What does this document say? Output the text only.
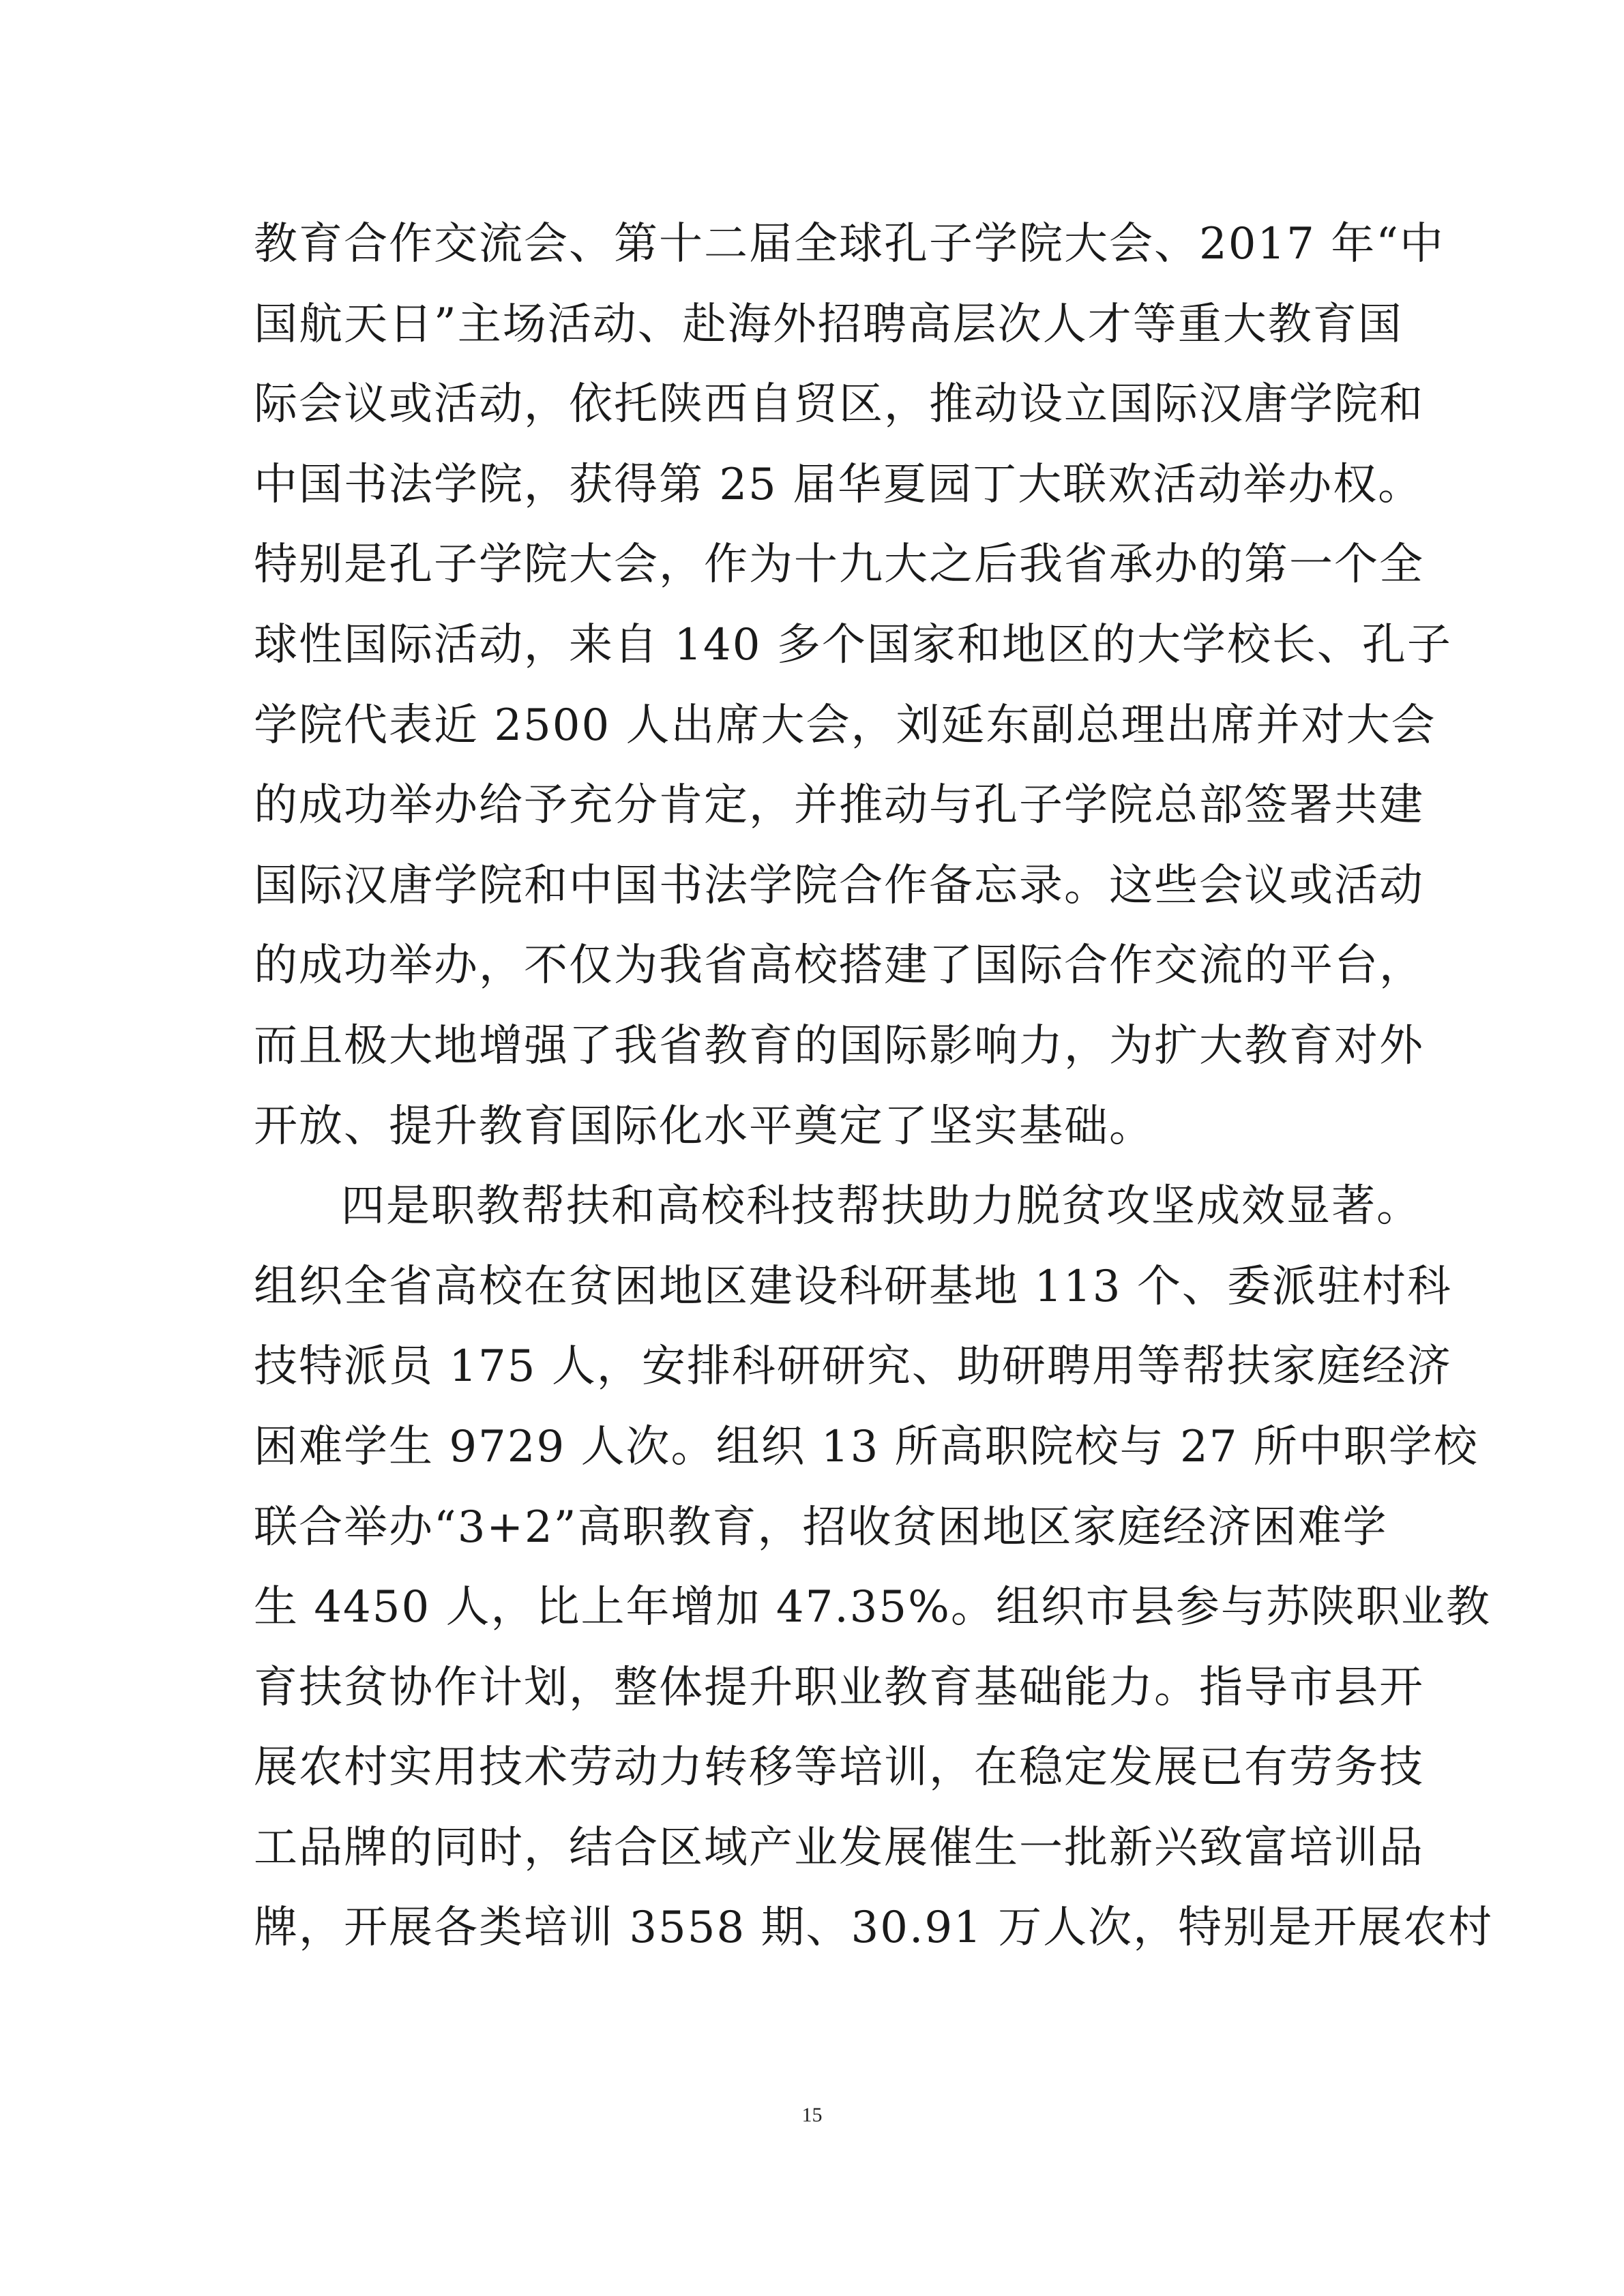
教育合作交流会、第十二届全球孔子学院大会、2017 年“中
国航天日”主场活动、赴海外招聘高层次人才等重大教育国
际会议或活动，依托陕西自贸区，推动设立国际汉唐学院和
中国书法学院，获得第 25 届华夏园丁大联欢活动举办权。
特别是孔子学院大会，作为十九大之后我省承办的第一个全
球性国际活动，来自 140 多个国家和地区的大学校长、孔子
学院代表近 2500 人出席大会，刘延东副总理出席并对大会
的成功举办给予充分肯定，并推动与孔子学院总部签署共建
国际汉唐学院和中国书法学院合作备忘录。这些会议或活动
的成功举办，不仅为我省高校搭建了国际合作交流的平台，
而且极大地增强了我省教育的国际影响力，为扩大教育对外
开放、提升教育国际化水平奠定了坚实基础。
四是职教帮扶和高校科技帮扶助力脱贫攻坚成效显著。
组织全省高校在贫困地区建设科研基地 113 个、委派驻村科
技特派员 175 人，安排科研研究、助研聘用等帮扶家庭经济
困难学生 9729 人次。组织 13 所高职院校与 27 所中职学校
联合举办“3+2”高职教育，招收贫困地区家庭经济困难学
生 4450 人，比上年增加 47.35%。组织市县参与苏陕职业教
育扶贫协作计划，整体提升职业教育基础能力。指导市县开
展农村实用技术劳动力转移等培训，在稳定发展已有劳务技
工品牌的同时，结合区域产业发展催生一批新兴致富培训品
牌，开展各类培训 3558 期、30.91 万人次，特别是开展农村
15
